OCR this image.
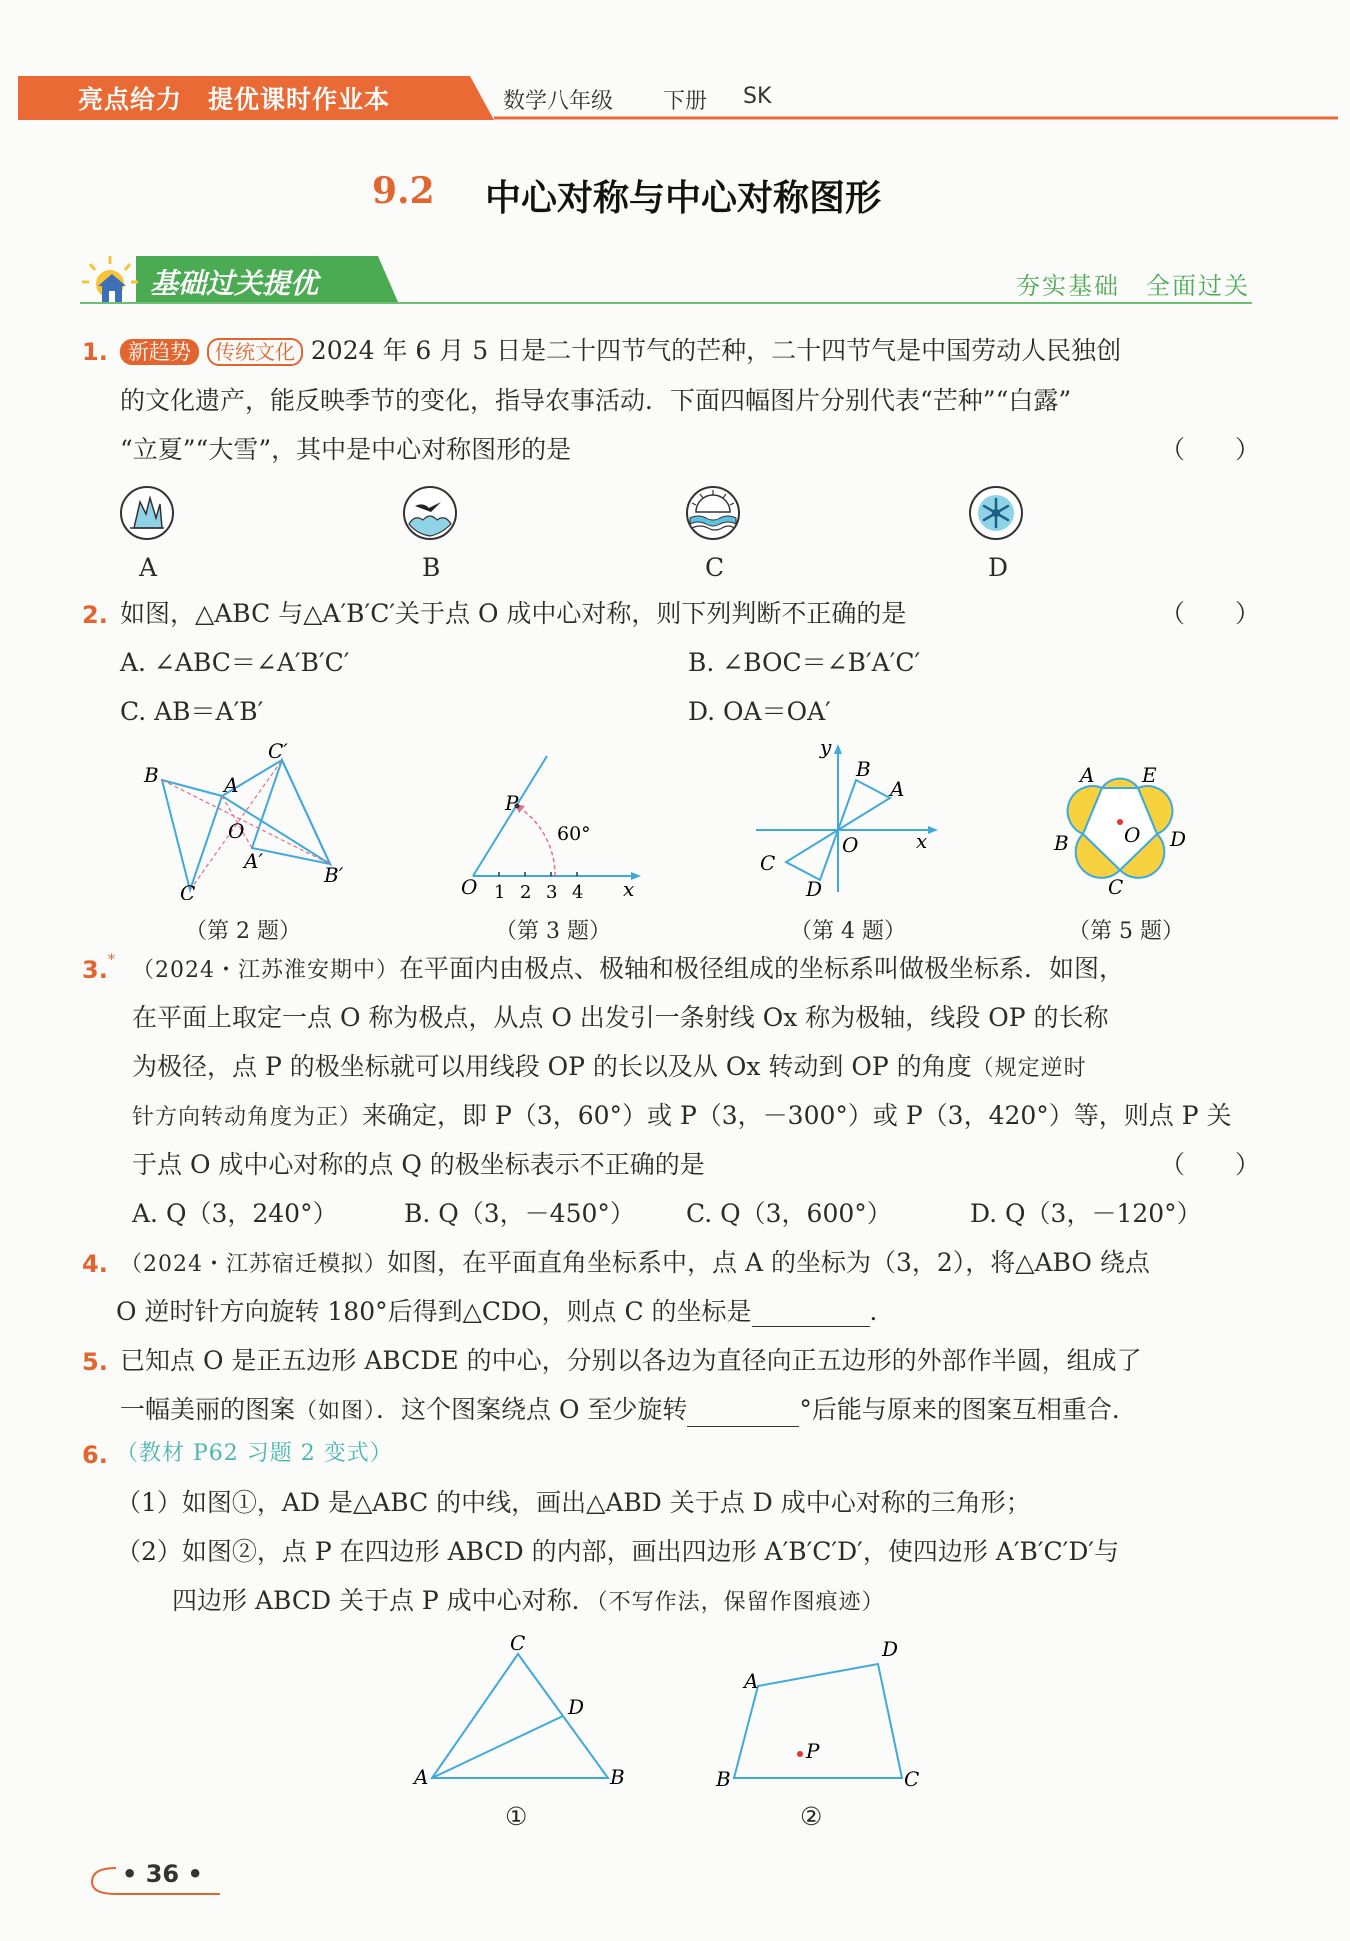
亮点给力　提优课时作业本	数学八年级 下册 SK
9.2 中心对称与中心对称图形
基础过关提优	夯实基础　全面过关
1. 新趋势 传统文化 2024 年 6 月 5 日是二十四节气的芒种，二十四节气是中国劳动人民独创
的文化遗产，能反映季节的变化，指导农事活动．下面四幅图片分别代表“芒种”“白露”
“立夏”“大雪”，其中是中心对称图形的是	（　　）
A	B	C	D
2. 如图，△ABC 与△A′B′C′关于点 O 成中心对称，则下列判断不正确的是	（　　）
A. ∠ABC＝∠A′B′C′	B. ∠BOC＝∠B′A′C′
C. AB＝A′B′	D. OA＝OA′
B	A
C′
O
A′
B′
C
（第 2 题）
P
60°
O 1 2 3 4 x
（第 3 题）
y
B
A
O	x
C
D
（第 4 题）
A E
B	O D
C
（第 5 题）
3. * （2024・江苏淮安期中）在平面内由极点、极轴和极径组成的坐标系叫做极坐标系．如图，
在平面上取定一点 O 称为极点，从点 O 出发引一条射线 Ox 称为极轴，线段 OP 的长称
为极径，点 P 的极坐标就可以用线段 OP 的长以及从 Ox 转动到 OP 的角度（规定逆时
针方向转动角度为正）来确定，即 P（3，60°）或 P（3，－300°）或 P（3，420°）等，则点 P 关
于点 O 成中心对称的点 Q 的极坐标表示不正确的是	（　　）
A. Q（3，240°）	B. Q（3，－450°） C. Q（3，600°）	D. Q（3，－120°）
4. （2024・江苏宿迁模拟）如图，在平面直角坐标系中，点 A 的坐标为（3，2），将△ABO 绕点
O 逆时针方向旋转 180°后得到△CDO，则点 C 的坐标是	．
5. 已知点 O 是正五边形 ABCDE 的中心，分别以各边为直径向正五边形的外部作半圆，组成了
一幅美丽的图案（如图）．这个图案绕点 O 至少旋转	°后能与原来的图案互相重合．
6. （教材 P62 习题 2 变式）
（1）如图①，AD 是△ABC 的中线，画出△ABD 关于点 D 成中心对称的三角形；
（2）如图②，点 P 在四边形 ABCD 的内部，画出四边形 A′B′C′D′，使四边形 A′B′C′D′与
四边形 ABCD 关于点 P 成中心对称．（不写作法，保留作图痕迹）
C
D
A	B
①
D
A
P
B	C
②
• 36 •
